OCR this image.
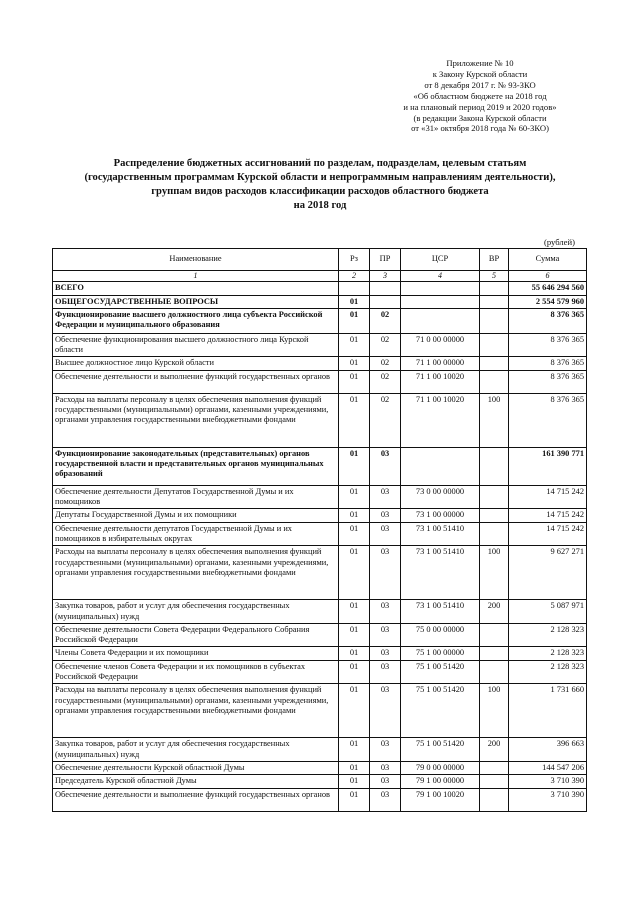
Приложение № 10
к Закону Курской области
от 8 декабря 2017 г. № 93-ЗКО
«Об областном бюджете на 2018 год
и на плановый период 2019 и 2020 годов»
(в редакции Закона Курской области
от «31» октября 2018 года № 60-ЗКО)
Распределение бюджетных ассигнований по разделам, подразделам, целевым статьям
(государственным программам Курской области и непрограммным направлениям деятельности),
группам видов расходов классификации расходов областного бюджета
на 2018 год
(рублей)
Наименование	Рз	ПР	ЦСР	ВР	Сумма
1	2	3	4	5	6
ВСЕГО					55 646 294 560
ОБЩЕГОСУДАРСТВЕННЫЕ ВОПРОСЫ	01				2 554 579 960
Функционирование высшего должностного лица субъекта Российской Федерации и муниципального образования	01	02			8 376 365
Обеспечение функционирования высшего должностного лица Курской области	01	02	71 0 00 00000		8 376 365
Высшее должностное лицо Курской области	01	02	71 1 00 00000		8 376 365
Обеспечение деятельности и выполнение функций государственных органов	01	02	71 1 00 10020		8 376 365
Расходы на выплаты персоналу в целях обеспечения выполнения функций государственными (муниципальными) органами, казенными учреждениями, органами управления государственными внебюджетными фондами	01	02	71 1 00 10020	100	8 376 365
Функционирование законодательных (представительных) органов государственной власти и представительных органов муниципальных образований	01	03			161 390 771
Обеспечение деятельности Депутатов Государственной Думы и их помощников	01	03	73 0 00 00000		14 715 242
Депутаты Государственной Думы и их помощники	01	03	73 1 00 00000		14 715 242
Обеспечение деятельности депутатов Государственной Думы и их помощников в избирательных округах	01	03	73 1 00 51410		14 715 242
Расходы на выплаты персоналу в целях обеспечения выполнения функций государственными (муниципальными) органами, казенными учреждениями, органами управления государственными внебюджетными фондами	01	03	73 1 00 51410	100	9 627 271
Закупка товаров, работ и услуг для обеспечения государственных (муниципальных) нужд	01	03	73 1 00 51410	200	5 087 971
Обеспечение деятельности Совета Федерации Федерального Собрания Российской Федерации	01	03	75 0 00 00000		2 128 323
Члены Совета Федерации и их помощники	01	03	75 1 00 00000		2 128 323
Обеспечение членов Совета Федерации и их помощников в субъектах Российской Федерации	01	03	75 1 00 51420		2 128 323
Расходы на выплаты персоналу в целях обеспечения выполнения функций государственными (муниципальными) органами, казенными учреждениями, органами управления государственными внебюджетными фондами	01	03	75 1 00 51420	100	1 731 660
Закупка товаров, работ и услуг для обеспечения государственных (муниципальных) нужд	01	03	75 1 00 51420	200	396 663
Обеспечение деятельности Курской областной Думы	01	03	79 0 00 00000		144 547 206
Председатель Курской областной Думы	01	03	79 1 00 00000		3 710 390
Обеспечение деятельности и выполнение функций государственных органов	01	03	79 1 00 10020		3 710 390
